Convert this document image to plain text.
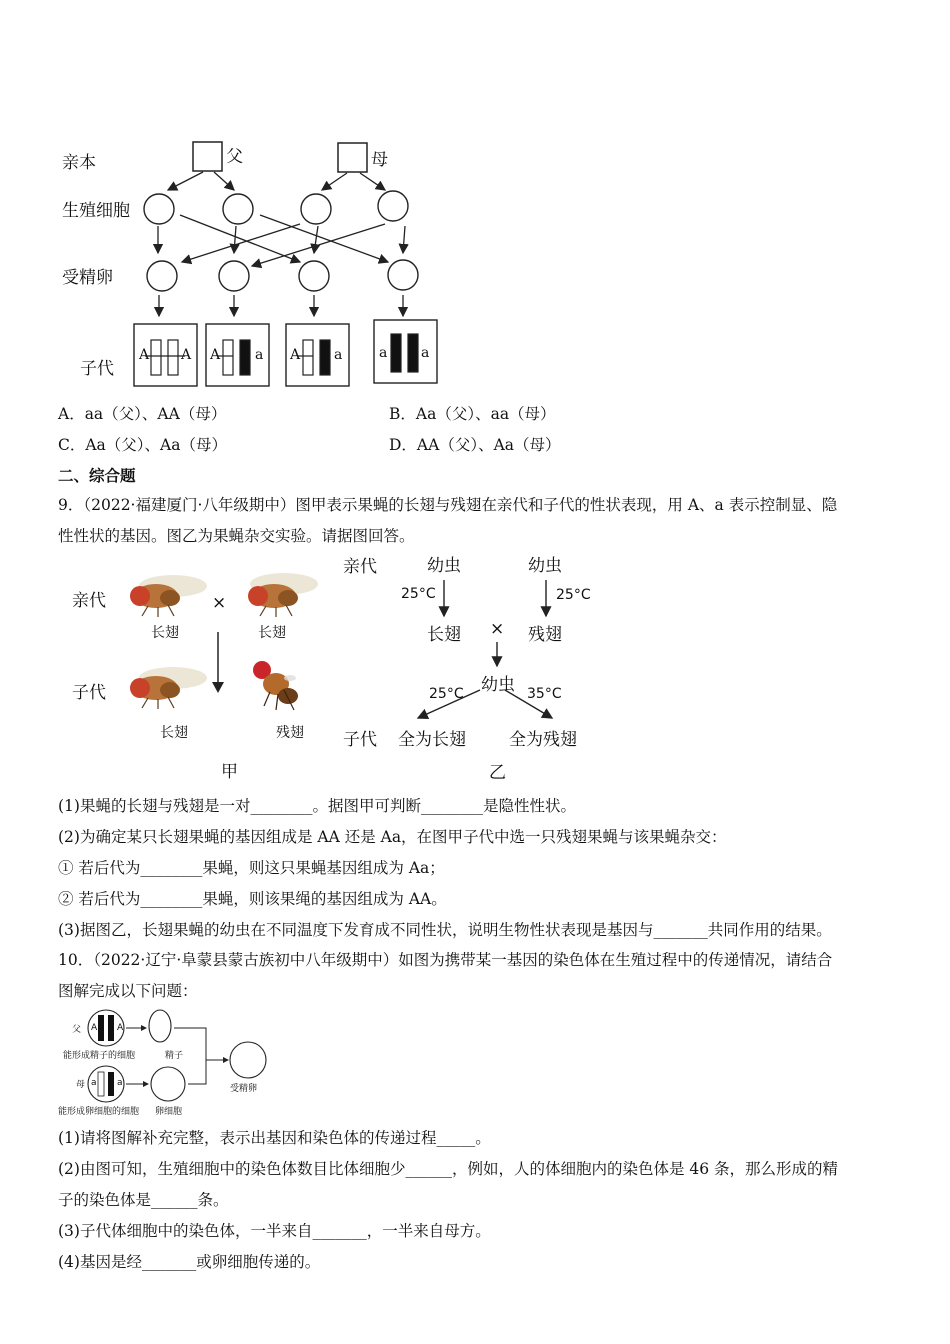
亲本
生殖细胞
受精卵
子代
父	母
A A A a A a	a a
A．aa（父）、AA（母）	B．Aa（父）、aa（母）
C．Aa（父）、Aa（母）	D．AA（父）、Aa（母）
二、综合题
9．（2022·福建厦门·八年级期中）图甲表示果蝇的长翅与残翅在亲代和子代的性状表现，用 A、a 表示控制显、隐
性性状的基因。图乙为果蝇杂交实验。请据图回答。
亲代
子代
×
长翅	长翅
长翅	残翅
甲
亲代	幼虫	幼虫
25°C	25°C
长翅 × 残翅
幼虫
25°C	35°C
子代 全为长翅	全为残翅
乙
(1)果蝇的长翅与残翅是一对________。据图甲可判断________是隐性性状。
(2)为确定某只长翅果蝇的基因组成是 AA 还是 Aa，在图甲子代中选一只残翅果蝇与该果蝇杂交：
① 若后代为________果蝇，则这只果蝇基因组成为 Aa；
② 若后代为________果蝇，则该果绳的基因组成为 AA。
(3)据图乙，长翅果蝇的幼虫在不同温度下发育成不同性状，说明生物性状表现是基因与_______共同作用的结果。
10．（2022·辽宁·阜蒙县蒙古族初中八年级期中）如图为携带某一基因的染色体在生殖过程中的传递情况，请结合
图解完成以下问题：
父 A A
能形成精子的细胞	精子
母 a a
受精卵
能形成卵细胞的细胞 卵细胞
(1)请将图解补充完整，表示出基因和染色体的传递过程_____。
(2)由图可知，生殖细胞中的染色体数目比体细胞少______，例如，人的体细胞内的染色体是 46 条，那么形成的精
子的染色体是______条。
(3)子代体细胞中的染色体，一半来自_______，一半来自母方。
(4)基因是经_______或卵细胞传递的。
